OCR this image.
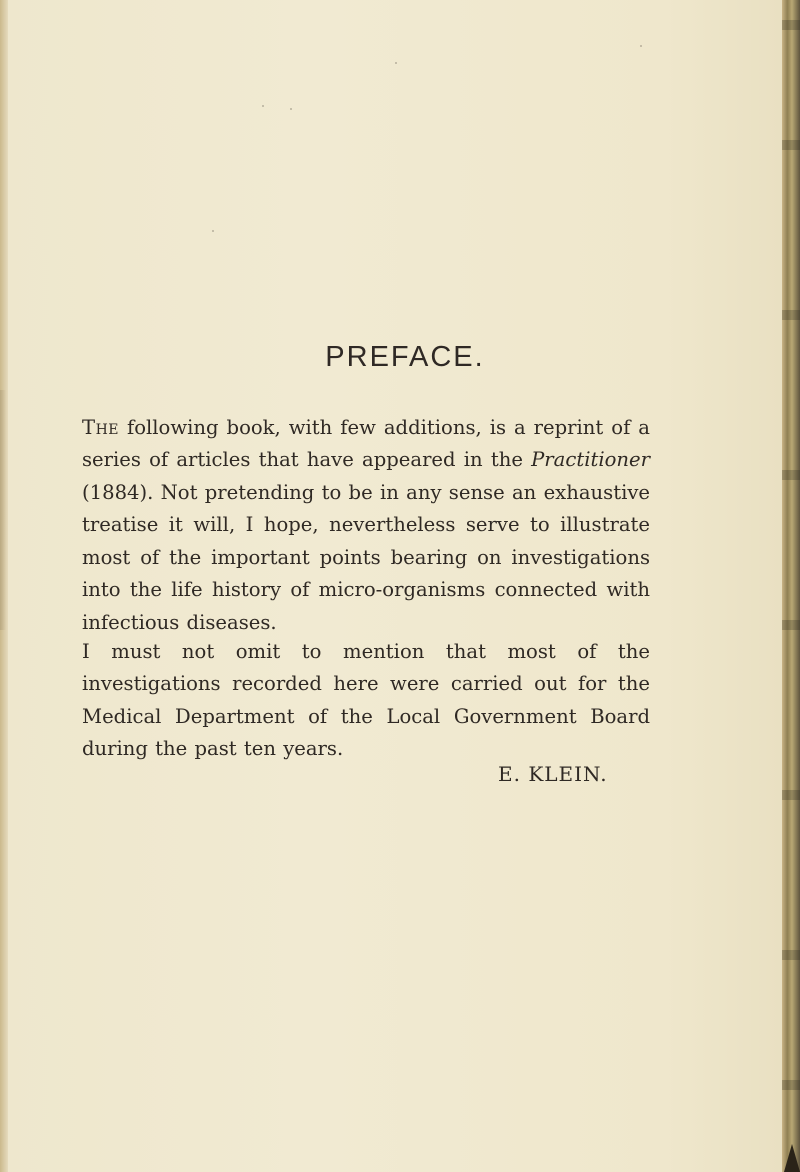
PREFACE.

The following book, with few additions, is a reprint of a series of articles that have appeared in the Practitioner (1884). Not pretending to be in any sense an exhaustive treatise it will, I hope, nevertheless serve to illustrate most of the important points bearing on investigations into the life history of micro-organisms connected with infectious diseases.

I must not omit to mention that most of the investigations recorded here were carried out for the Medical Department of the Local Government Board during the past ten years.

E. KLEIN.
